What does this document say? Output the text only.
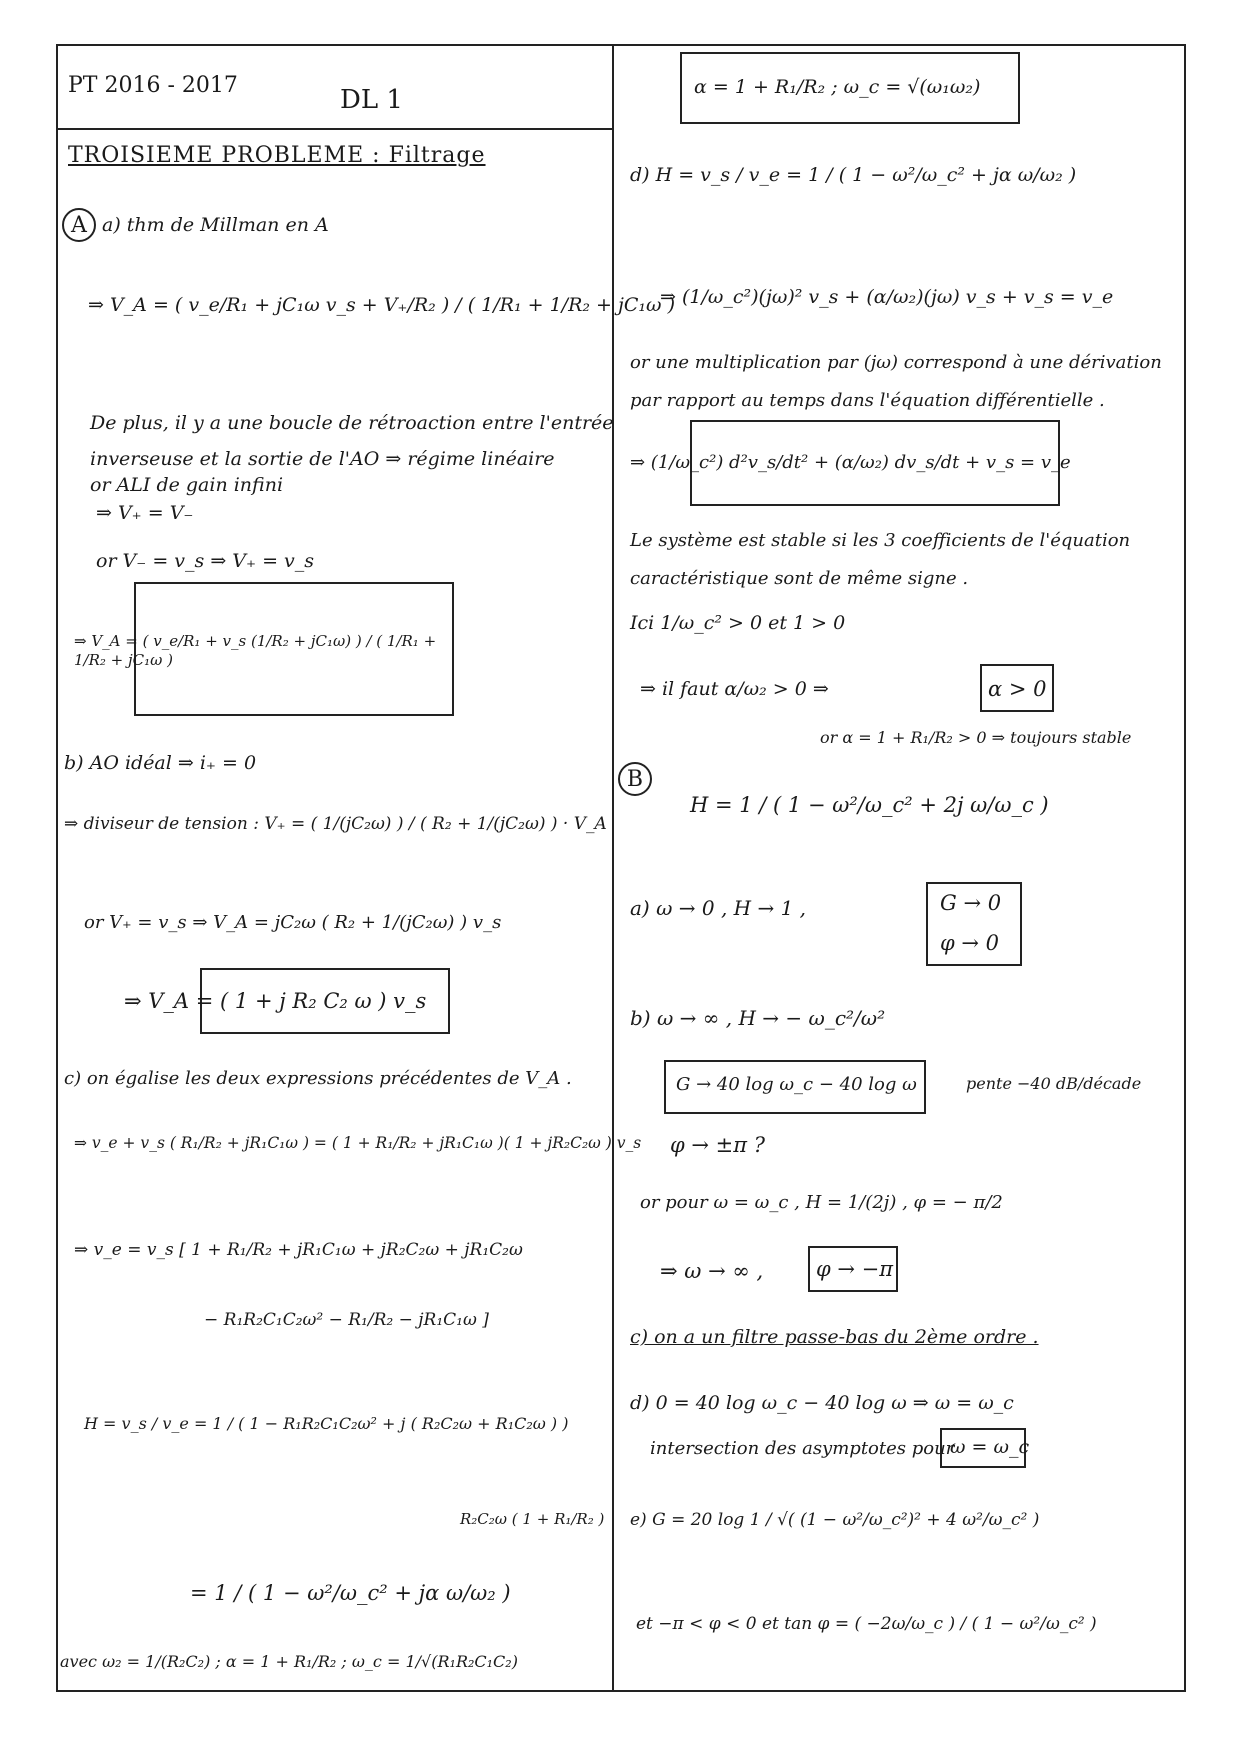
PT 2016 - 2017	DL 1
TROISIEME PROBLEME : Filtrage
A a) thm de Millman en A
⇒ V_A = ( v_e/R₁ + jC₁ω v_s + V₊/R₂ ) / ( 1/R₁ + 1/R₂ + jC₁ω )
De plus, il y a une boucle de rétroaction entre l'entrée
inverseuse et la sortie de l'AO ⇒ régime linéaire
or ALI de gain infini
⇒ V₊ = V₋
or V₋ = v_s ⇒ V₊ = v_s
⇒ V_A = ( v_e/R₁ + v_s (1/R₂ + jC₁ω) ) / ( 1/R₁ + 1/R₂ + jC₁ω )
b) AO idéal ⇒ i₊ = 0
⇒ diviseur de tension : V₊ = ( 1/(jC₂ω) ) / ( R₂ + 1/(jC₂ω) ) · V_A
or V₊ = v_s ⇒ V_A = jC₂ω ( R₂ + 1/(jC₂ω) ) v_s
⇒ V_A = ( 1 + j R₂ C₂ ω ) v_s
c) on égalise les deux expressions précédentes de V_A .
⇒ v_e + v_s ( R₁/R₂ + jR₁C₁ω ) = ( 1 + R₁/R₂ + jR₁C₁ω )( 1 + jR₂C₂ω ) v_s
⇒ v_e = v_s [ 1 + R₁/R₂ + jR₁C₁ω + jR₂C₂ω + jR₁C₂ω
− R₁R₂C₁C₂ω² − R₁/R₂ − jR₁C₁ω ]
H = v_s / v_e = 1 / ( 1 − R₁R₂C₁C₂ω² + j ( R₂C₂ω + R₁C₂ω ) )
R₂C₂ω ( 1 + R₁/R₂ )
= 1 / ( 1 − ω²/ω_c² + jα ω/ω₂ )
avec ω₂ = 1/(R₂C₂) ; α = 1 + R₁/R₂ ; ω_c = 1/√(R₁R₂C₁C₂)
α = 1 + R₁/R₂ ; ω_c = √(ω₁ω₂)
d) H = v_s / v_e = 1 / ( 1 − ω²/ω_c² + jα ω/ω₂ )
⇒ (1/ω_c²)(jω)² v_s + (α/ω₂)(jω) v_s + v_s = v_e
or une multiplication par (jω) correspond à une dérivation
par rapport au temps dans l'équation différentielle .
⇒ (1/ω_c²) d²v_s/dt² + (α/ω₂) dv_s/dt + v_s = v_e
Le système est stable si les 3 coefficients de l'équation
caractéristique sont de même signe .
Ici 1/ω_c² > 0 et 1 > 0
⇒ il faut α/ω₂ > 0 ⇒	α > 0
or α = 1 + R₁/R₂ > 0 ⇒ toujours stable
B
H = 1 / ( 1 − ω²/ω_c² + 2j ω/ω_c )
a) ω → 0 , H → 1 ,	G → 0
φ → 0
b) ω → ∞ , H → − ω_c²/ω²
G → 40 log ω_c − 40 log ω	pente −40 dB/décade
φ → ±π ?
or pour ω = ω_c , H = 1/(2j) , φ = − π/2
⇒ ω → ∞ ,	φ → −π
c) on a un filtre passe-bas du 2ème ordre .
d) 0 = 40 log ω_c − 40 log ω ⇒ ω = ω_c
intersection des asymptotes pour
ω = ω_c
e) G = 20 log 1 / √( (1 − ω²/ω_c²)² + 4 ω²/ω_c² )
et −π < φ < 0 et tan φ = ( −2ω/ω_c ) / ( 1 − ω²/ω_c² )
